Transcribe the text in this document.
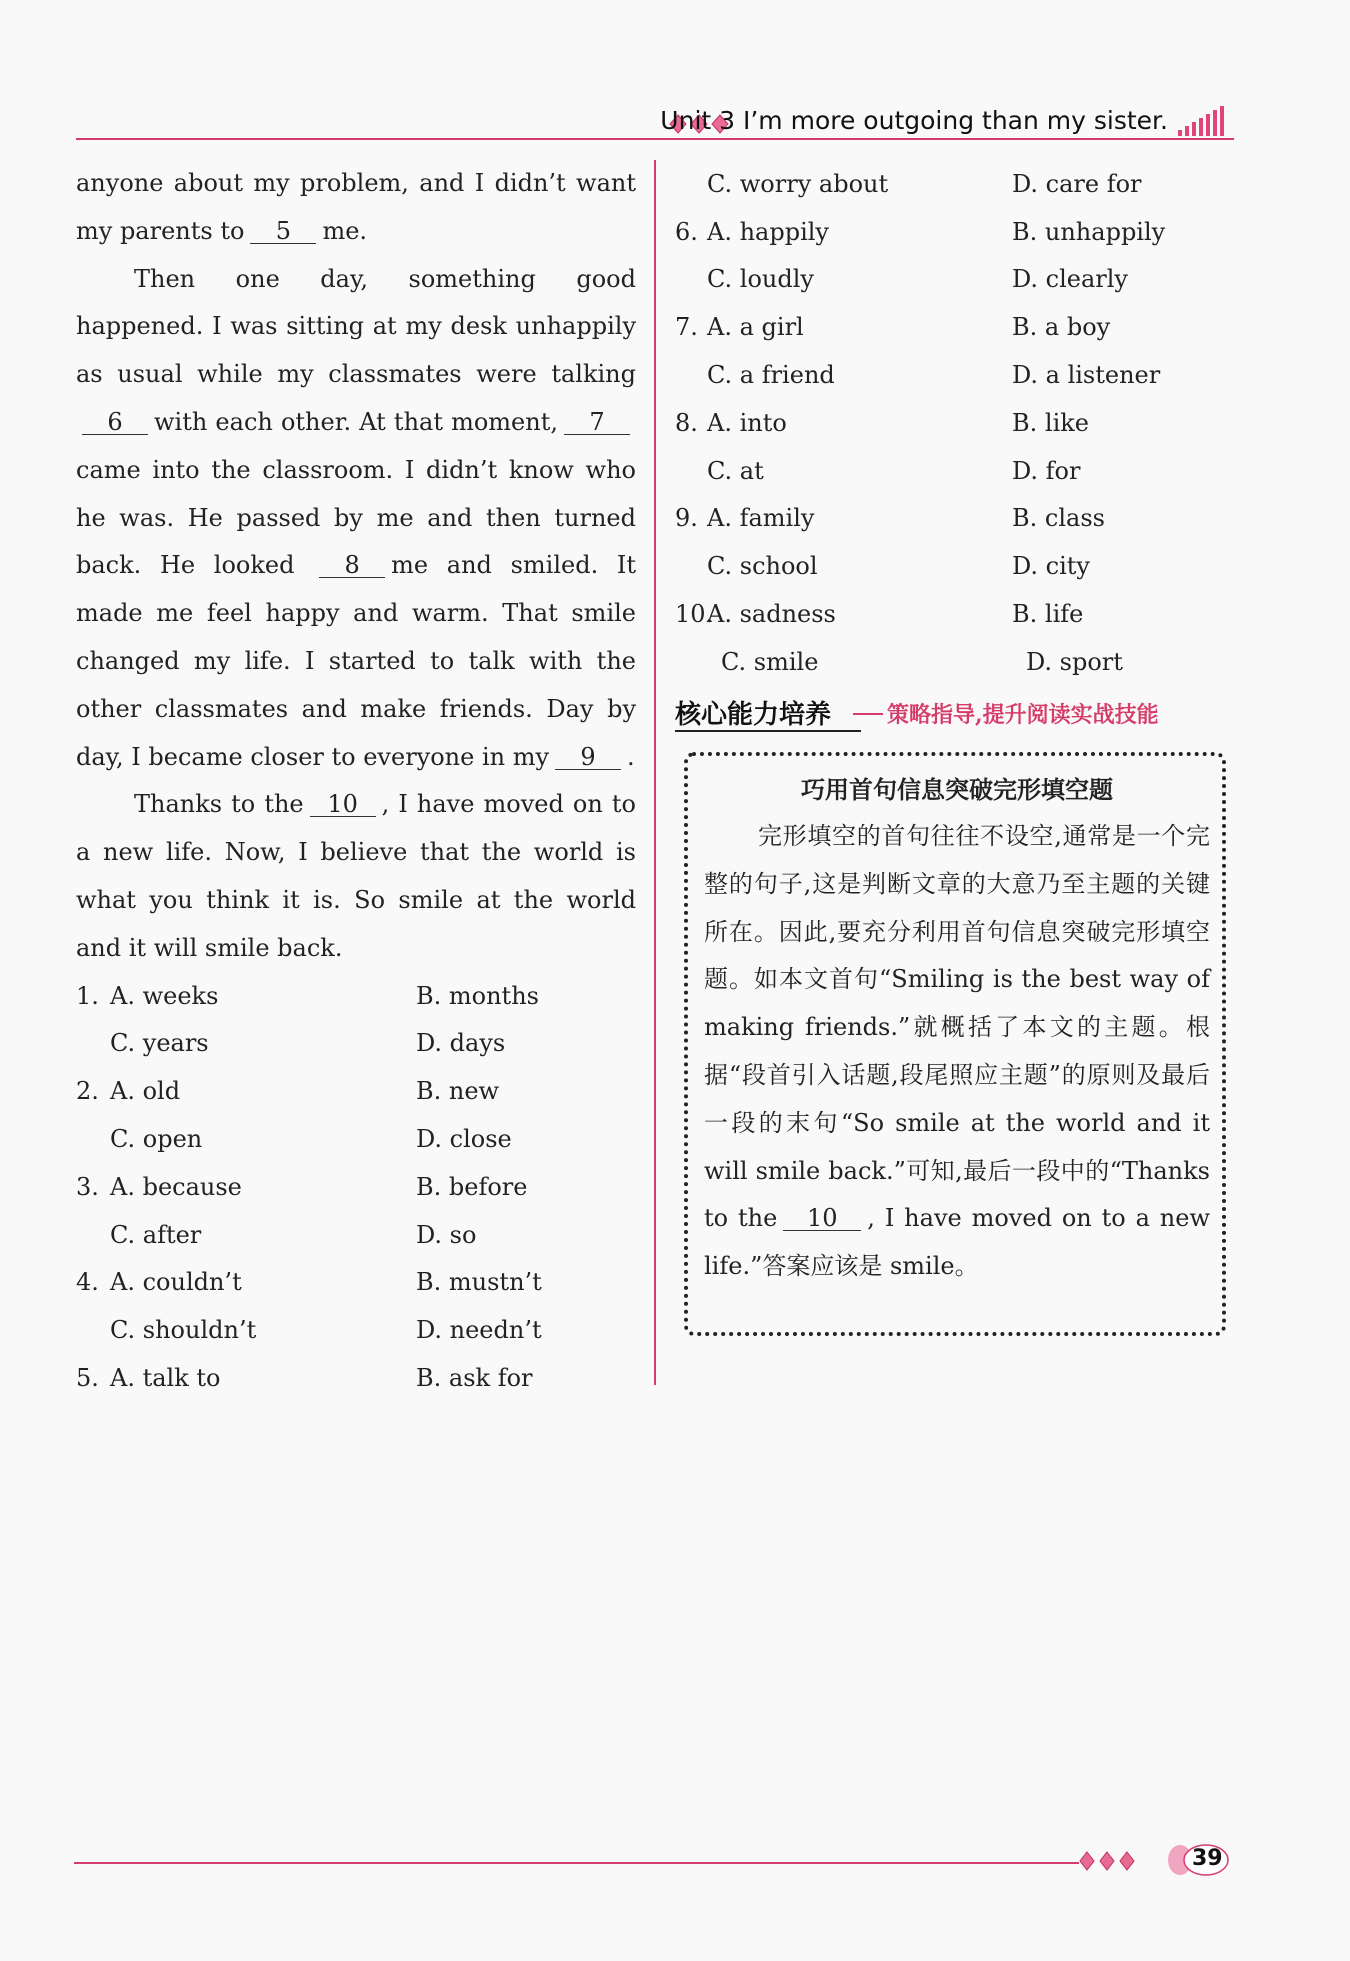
Unit 3 I’m more outgoing than my sister.

anyone about my problem, and I didn’t want my parents to 5 me.

Then one day, something good happened. I was sitting at my desk unhappily as usual while my classmates were talking6 with each other. At that moment, 7came into the classroom. I didn’t know who he was. He passed by me and then turned back. He looked 8 me and smiled. It made me feel happy and warm. That smile changed my life. I started to talk with the other classmates and make friends. Day by day, I became closer to everyone in my 9 .

Thanks to the 10 , I have moved on to a new life. Now, I believe that the world is what you think it is. So smile at the world and it will smile back.

1. A. weeks	B. months
C. years	D. days
2. A. old	B. new
C. open	D. close
3. A. because	B. before
C. after	D. so
4. A. couldn’t	B. mustn’t
C. shouldn’t	D. needn’t
5. A. talk to	B. ask for
C. worry about	D. care for
6. A. happily	B. unhappily
C. loudly	D. clearly
7. A. a girl	B. a boy
C. a friend	D. a listener
8. A. into	B. like
C. at	D. for
9. A. family	B. class
C. school	D. city
10.
A. sadness	B. life
C. smile	D. sport
核心能力培养	策略指导,提升阅读实战技能
巧用首句信息突破完形填空题

完形填空的首句往往不设空,通常是一个完整的句子,这是判断文章的大意乃至主题的关键所在。因此,要充分利用首句信息突破完形填空题。如本文首句“Smiling is the best way of making friends.”就概括了本文的主题。根据“段首引入话题,段尾照应主题”的原则及最后一段的末句“So smile at the world and it will smile back.”可知,最后一段中的“Thanks to the 10 , I have moved on to a new life.”答案应该是 smile。

39
